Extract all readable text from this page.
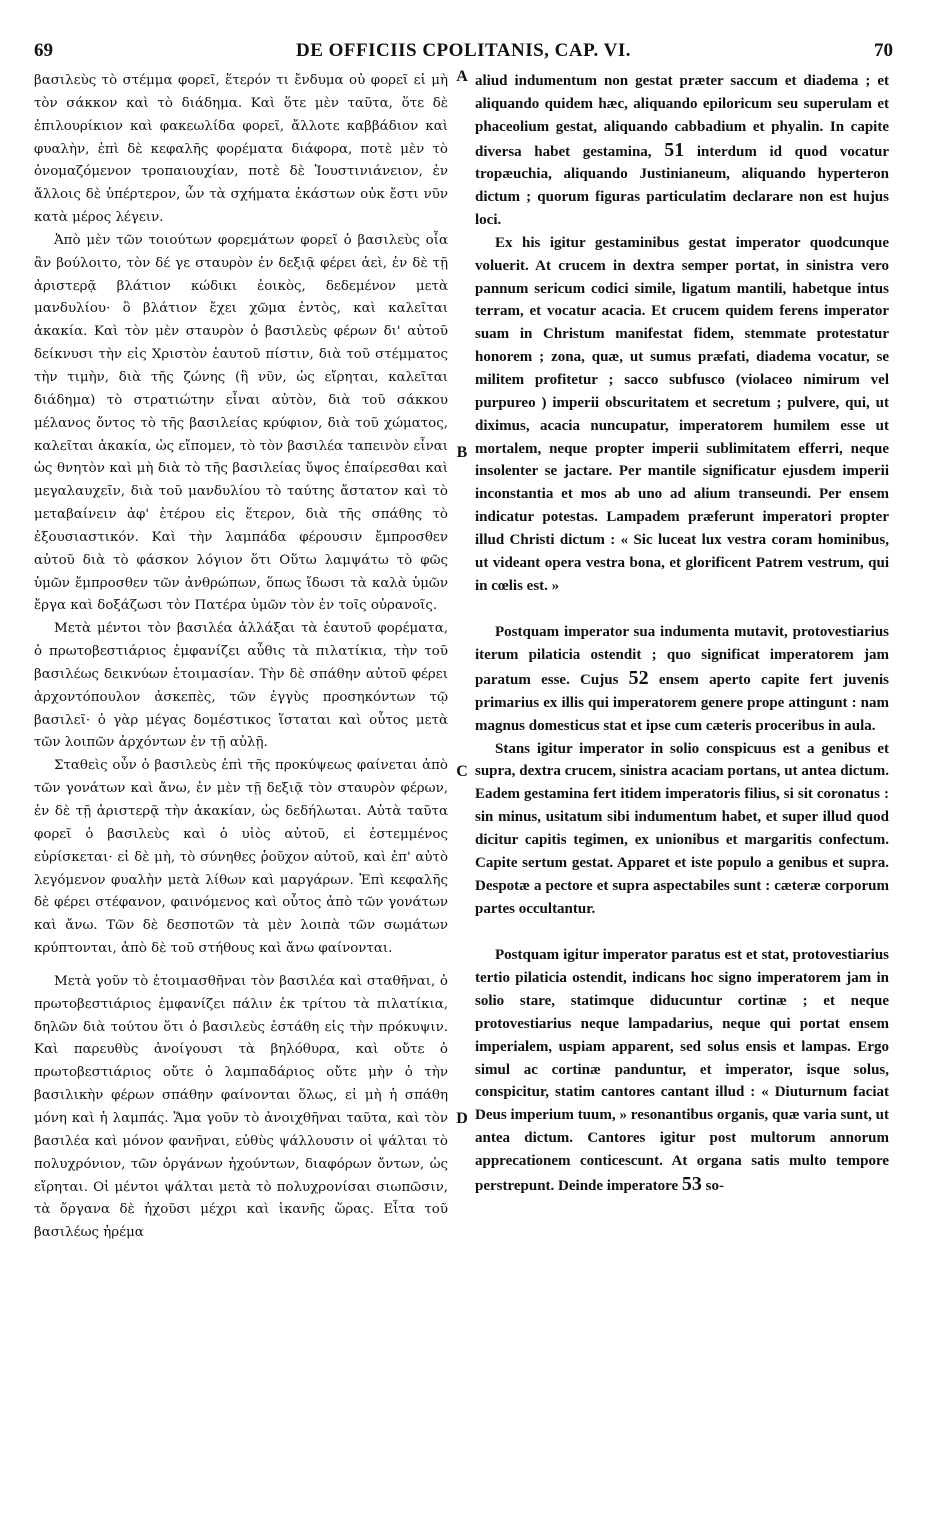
69	DE OFFICIIS CPOLITANIS, CAP. VI.	70

βασιλεὺς τὸ στέμμα φορεῖ, ἕτερόν τι ἔνδυμα οὐ φορεῖ εἰ μὴ τὸν σάκκον καὶ τὸ διάδημα. Καὶ ὅτε μὲν ταῦτα, ὅτε δὲ ἐπιλουρίκιον καὶ φακεωλίδα φορεῖ, ἄλλοτε καββάδιον καὶ φυαλὴν, ἐπὶ δὲ κεφαλῆς φορέματα διάφορα, ποτὲ μὲν τὸ ὀνομαζόμενον τροπαιουχίαν, ποτὲ δὲ Ἰουστινιάνειον, ἐν ἄλλοις δὲ ὑπέρτερον, ὧν τὰ σχήματα ἑκάστων οὐκ ἔστι νῦν κατὰ μέρος λέγειν.

Ἀπὸ μὲν τῶν τοιούτων φορεμάτων φορεῖ ὁ βασιλεὺς οἷα ἂν βούλοιτο, τὸν δέ γε σταυρὸν ἐν δεξιᾷ φέρει ἀεὶ, ἐν δὲ τῇ ἀριστερᾷ βλάτιον κώδικι ἐοικὸς, δεδεμένον μετὰ μανδυλίου· ὃ βλάτιον ἔχει χῶμα ἐντὸς, καὶ καλεῖται ἀκακία. Καὶ τὸν μὲν σταυρὸν ὁ βασιλεὺς φέρων δι' αὐτοῦ δείκνυσι τὴν εἰς Χριστὸν ἑαυτοῦ πίστιν, διὰ τοῦ στέμματος τὴν τιμὴν, διὰ τῆς ζώνης (ἣ νῦν, ὡς εἴρηται, καλεῖται διάδημα) τὸ στρατιώτην εἶναι αὐτὸν, διὰ τοῦ σάκκου μέλανος ὄντος τὸ τῆς βασιλείας κρύφιον, διὰ τοῦ χώματος, καλεῖται ἀκακία, ὡς εἴπομεν, τὸ τὸν βασιλέα ταπεινὸν εἶναι ὡς θνητὸν καὶ μὴ διὰ τὸ τῆς βασιλείας ὕψος ἐπαίρεσθαι καὶ μεγαλαυχεῖν, διὰ τοῦ μανδυλίου τὸ ταύτης ἄστατον καὶ τὸ μεταβαίνειν ἀφ' ἑτέρου εἰς ἕτερον, διὰ τῆς σπάθης τὸ ἐξουσιαστικόν. Καὶ τὴν λαμπάδα φέρουσιν ἔμπροσθεν αὐτοῦ διὰ τὸ φάσκον λόγιον ὅτι Οὕτω λαμψάτω τὸ φῶς ὑμῶν ἔμπροσθεν τῶν ἀνθρώπων, ὅπως ἴδωσι τὰ καλὰ ὑμῶν ἔργα καὶ δοξάζωσι τὸν Πατέρα ὑμῶν τὸν ἐν τοῖς οὐρανοῖς.

Μετὰ μέντοι τὸν βασιλέα ἀλλάξαι τὰ ἑαυτοῦ φορέματα, ὁ πρωτοβεστιάριος ἐμφανίζει αὖθις τὰ πιλατίκια, τὴν τοῦ βασιλέως δεικνύων ἑτοιμασίαν. Τὴν δὲ σπάθην αὐτοῦ φέρει ἀρχοντόπουλον ἀσκεπὲς, τῶν ἐγγὺς προσηκόντων τῷ βασιλεῖ· ὁ γὰρ μέγας δομέστικος ἵσταται καὶ οὗτος μετὰ τῶν λοιπῶν ἀρχόντων ἐν τῇ αὐλῇ.

Σταθεὶς οὖν ὁ βασιλεὺς ἐπὶ τῆς προκύψεως φαίνεται ἀπὸ τῶν γονάτων καὶ ἄνω, ἐν μὲν τῇ δεξιᾷ τὸν σταυρὸν φέρων, ἐν δὲ τῇ ἀριστερᾷ τὴν ἀκακίαν, ὡς δεδήλωται. Αὐτὰ ταῦτα φορεῖ ὁ βασιλεὺς καὶ ὁ υἱὸς αὐτοῦ, εἰ ἐστεμμένος εὑρίσκεται· εἰ δὲ μὴ, τὸ σύνηθες ῥοῦχον αὐτοῦ, καὶ ἐπ' αὐτὸ λεγόμενον φυαλὴν μετὰ λίθων καὶ μαργάρων. Ἐπὶ κεφαλῆς δὲ φέρει στέφανον, φαινόμενος καὶ οὗτος ἀπὸ τῶν γονάτων καὶ ἄνω. Τῶν δὲ δεσποτῶν τὰ μὲν λοιπὰ τῶν σωμάτων κρύπτονται, ἀπὸ δὲ τοῦ στήθους καὶ ἄνω φαίνονται.

Μετὰ γοῦν τὸ ἑτοιμασθῆναι τὸν βασιλέα καὶ σταθῆναι, ὁ πρωτοβεστιάριος ἐμφανίζει πάλιν ἐκ τρίτου τὰ πιλατίκια, δηλῶν διὰ τούτου ὅτι ὁ βασιλεὺς ἐστάθη εἰς τὴν πρόκυψιν. Καὶ παρευθὺς ἀνοίγουσι τὰ βηλόθυρα, καὶ οὔτε ὁ πρωτοβεστιάριος οὔτε ὁ λαμπαδάριος οὔτε μὴν ὁ τὴν βασιλικὴν φέρων σπάθην φαίνονται ὅλως, εἰ μὴ ἡ σπάθη μόνη καὶ ἡ λαμπάς. Ἅμα γοῦν τὸ ἀνοιχθῆναι ταῦτα, καὶ τὸν βασιλέα καὶ μόνον φανῆναι, εὐθὺς ψάλλουσιν οἱ ψάλται τὸ πολυχρόνιον, τῶν ὀργάνων ἠχούντων, διαφόρων ὄντων, ὡς εἴρηται. Οἱ μέντοι ψάλται μετὰ τὸ πολυχρονίσαι σιωπῶσιν, τὰ ὄργανα δὲ ἠχοῦσι μέχρι καὶ ἱκανῆς ὥρας. Εἶτα τοῦ βασιλέως ἠρέμα

A
B
C
D

aliud indumentum non gestat præter saccum et diadema ; et aliquando quidem hæc, aliquando epiloricum seu superulam et phaceolium gestat, aliquando cabbadium et phyalin. In capite diversa habet gestamina, 51 interdum id quod vocatur tropæuchia, aliquando Justinianeum, aliquando hyperteron dictum ; quorum figuras particulatim declarare non est hujus loci.

Ex his igitur gestaminibus gestat imperator quodcunque voluerit. At crucem in dextra semper portat, in sinistra vero pannum sericum codici simile, ligatum mantili, habetque intus terram, et vocatur acacia. Et crucem quidem ferens imperator suam in Christum manifestat fidem, stemmate protestatur honorem ; zona, quæ, ut sumus præfati, diadema vocatur, se militem profitetur ; sacco subfusco (violaceo nimirum vel purpureo ) imperii obscuritatem et secretum ; pulvere, qui, ut diximus, acacia nuncupatur, imperatorem humilem esse ut mortalem, neque propter imperii sublimitatem efferri, neque insolenter se jactare. Per mantile significatur ejusdem imperii inconstantia et mos ab uno ad alium transeundi. Per ensem indicatur potestas. Lampadem præferunt imperatori propter illud Christi dictum : « Sic luceat lux vestra coram hominibus, ut videant opera vestra bona, et glorificent Patrem vestrum, qui in cœlis est. »

Postquam imperator sua indumenta mutavit, protovestiarius iterum pilaticia ostendit ; quo significat imperatorem jam paratum esse. Cujus 52 ensem aperto capite fert juvenis primarius ex illis qui imperatorem genere prope attingunt : nam magnus domesticus stat et ipse cum cæteris proceribus in aula.

Stans igitur imperator in solio conspicuus est a genibus et supra, dextra crucem, sinistra acaciam portans, ut antea dictum. Eadem gestamina fert itidem imperatoris filius, si sit coronatus : sin minus, usitatum sibi indumentum habet, et super illud quod dicitur capitis tegimen, ex unionibus et margaritis confectum. Capite sertum gestat. Apparet et iste populo a genibus et supra. Despotæ a pectore et supra aspectabiles sunt : cæteræ corporum partes occultantur.

Postquam igitur imperator paratus est et stat, protovestiarius tertio pilaticia ostendit, indicans hoc signo imperatorem jam in solio stare, statimque diducuntur cortinæ ; et neque protovestiarius neque lampadarius, neque qui portat ensem imperialem, uspiam apparent, sed solus ensis et lampas. Ergo simul ac cortinæ panduntur, et imperator, isque solus, conspicitur, statim cantores cantant illud : « Diuturnum faciat Deus imperium tuum, » resonantibus organis, quæ varia sunt, ut antea dictum. Cantores igitur post multorum annorum apprecationem conticescunt. At organa satis multo tempore perstrepunt. Deinde imperatore 53 so-
